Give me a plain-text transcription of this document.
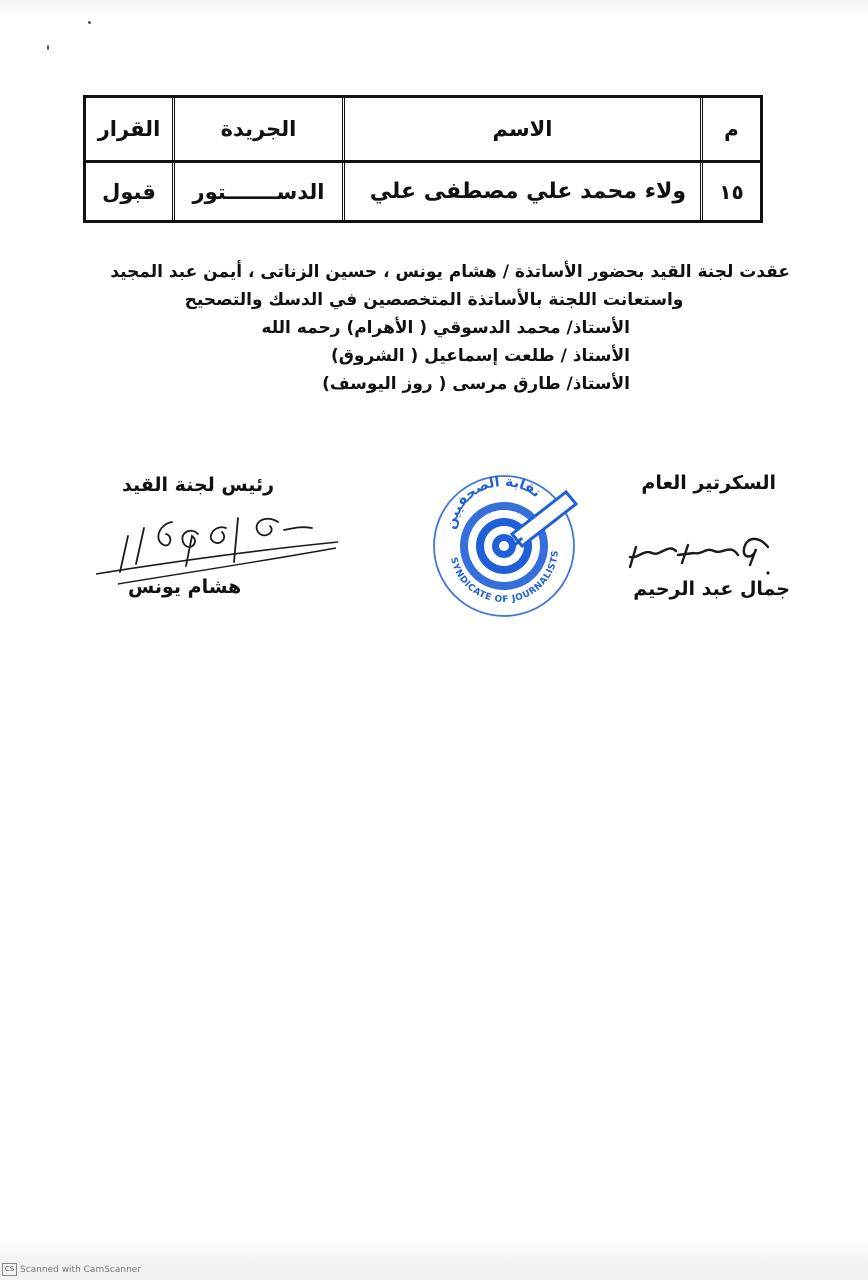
م
الاسم
الجريدة
القرار
١٥
ولاء محمد علي مصطفى علي
الدســـــــتور
قبول
عقدت لجنة القيد بحضور الأساتذة / هشام يونس ، حسين الزناتى ، أيمن عبد المجيد
واستعانت اللجنة بالأساتذة المتخصصين في الدسك والتصحيح
الأستاذ/ محمد الدسوقي ( الأهرام) رحمه الله
الأستاذ / طلعت إسماعيل ( الشروق)
الأستاذ/ طارق مرسى ( روز اليوسف)
السكرتير العام
جمال عبد الرحيم
نقابة الصحفيين
SYNDICATE OF JOURNALISTS
رئيس لجنة القيد
هشام يونس
CS Scanned with CamScanner
